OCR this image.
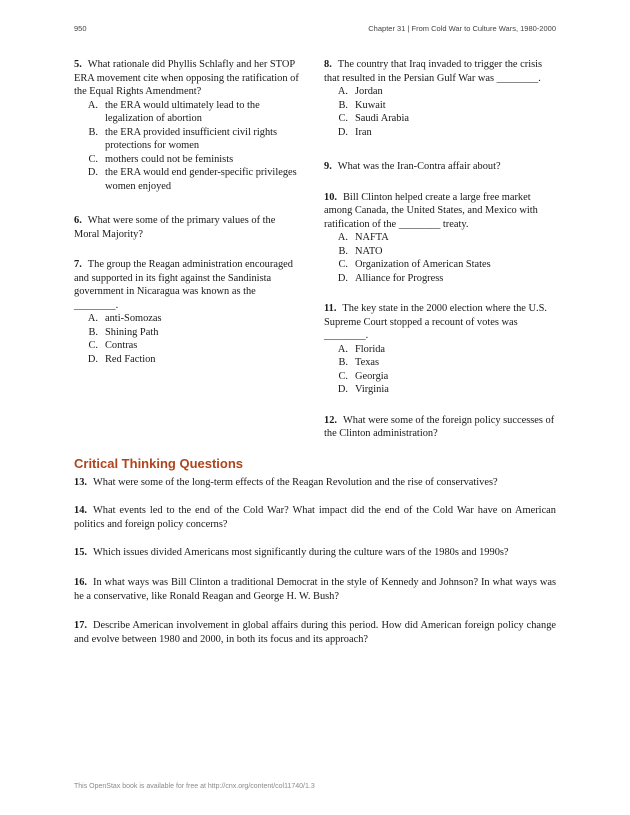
950	Chapter 31 | From Cold War to Culture Wars, 1980-2000

5. What rationale did Phyllis Schlafly and her STOP ERA movement cite when opposing the ratification of the Equal Rights Amendment?

A. the ERA would ultimately lead to the legalization of abortion
B. the ERA provided insufficient civil rights protections for women
C. mothers could not be feminists
D. the ERA would end gender-specific privileges women enjoyed

6. What were some of the primary values of the Moral Majority?

7. The group the Reagan administration encouraged and supported in its fight against the Sandinista government in Nicaragua was known as the ________.

A. anti-Somozas
B. Shining Path
C. Contras
D. Red Faction

8. The country that Iraq invaded to trigger the crisis that resulted in the Persian Gulf War was ________.

A. Jordan
B. Kuwait
C. Saudi Arabia
D. Iran

9. What was the Iran-Contra affair about?

10. Bill Clinton helped create a large free market among Canada, the United States, and Mexico with ratification of the ________ treaty.

A. NAFTA
B. NATO
C. Organization of American States
D. Alliance for Progress

11. The key state in the 2000 election where the U.S. Supreme Court stopped a recount of votes was ________.

A. Florida
B. Texas
C. Georgia
D. Virginia

12. What were some of the foreign policy successes of the Clinton administration?

Critical Thinking Questions
13. What were some of the long-term effects of the Reagan Revolution and the rise of conservatives?
14. What events led to the end of the Cold War? What impact did the end of the Cold War have on American politics and foreign policy concerns?
15. Which issues divided Americans most significantly during the culture wars of the 1980s and 1990s?
16. In what ways was Bill Clinton a traditional Democrat in the style of Kennedy and Johnson? In what ways was he a conservative, like Ronald Reagan and George H. W. Bush?
17. Describe American involvement in global affairs during this period. How did American foreign policy change and evolve between 1980 and 2000, in both its focus and its approach?
This OpenStax book is available for free at http://cnx.org/content/col11740/1.3
